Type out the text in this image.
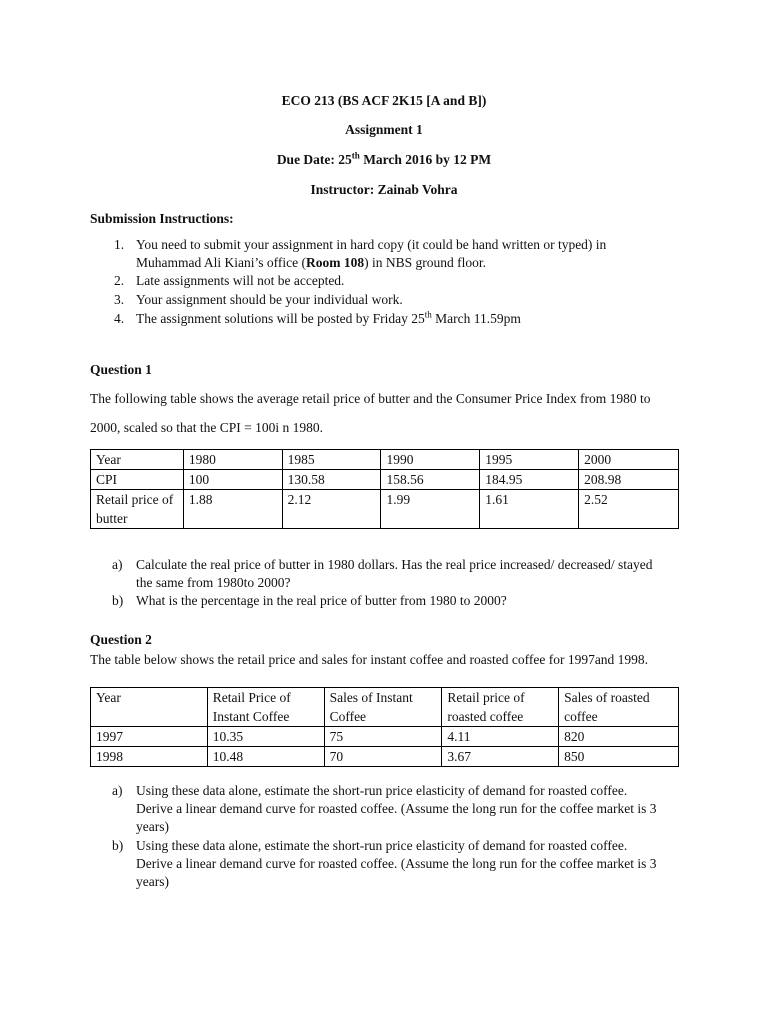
ECO 213 (BS ACF 2K15 [A and B])
Assignment 1
Due Date: 25th March 2016 by 12 PM
Instructor: Zainab Vohra
Submission Instructions:
1. You need to submit your assignment in hard copy (it could be hand written or typed) in
Muhammad Ali Kiani’s office (Room 108) in NBS ground floor.
2. Late assignments will not be accepted.
3. Your assignment should be your individual work.
4. The assignment solutions will be posted by Friday 25th March 11.59pm
Question 1
The following table shows the average retail price of butter and the Consumer Price Index from 1980 to
2000, scaled so that the CPI = 100i n 1980.
Year	1980	1985	1990	1995	2000
CPI	100	130.58	158.56	184.95	208.98
Retail price of butter	1.88	2.12	1.99	1.61	2.52
a) Calculate the real price of butter in 1980 dollars. Has the real price increased/ decreased/ stayed
the same from 1980to 2000?
b) What is the percentage in the real price of butter from 1980 to 2000?
Question 2
The table below shows the retail price and sales for instant coffee and roasted coffee for 1997and 1998.
Year	Retail Price of Instant Coffee	Sales of Instant Coffee	Retail price of roasted coffee	Sales of roasted coffee
1997	10.35	75	4.11	820
1998	10.48	70	3.67	850
a) Using these data alone, estimate the short-run price elasticity of demand for roasted coffee.
Derive a linear demand curve for roasted coffee. (Assume the long run for the coffee market is 3
years)
b) Using these data alone, estimate the short-run price elasticity of demand for roasted coffee.
Derive a linear demand curve for roasted coffee. (Assume the long run for the coffee market is 3
years)
